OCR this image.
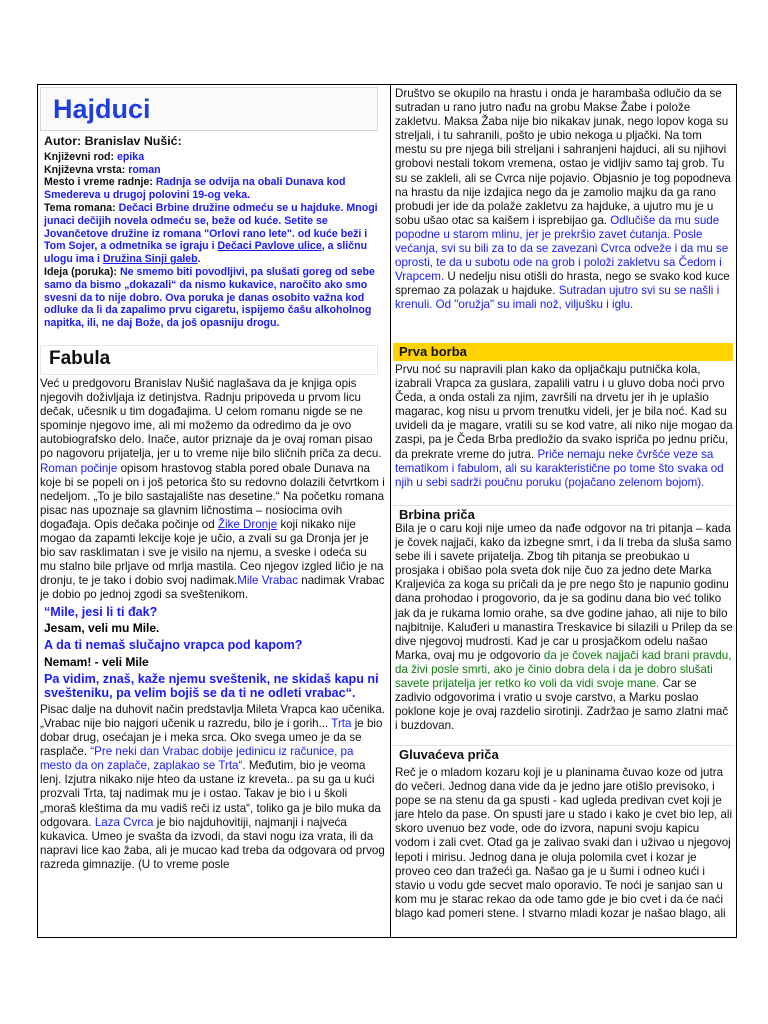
Hajduci

Autor: Branislav Nušić:

Književni rod: epika
Književna vrsta: roman
Mesto i vreme radnje: Radnja se odvija na obali Dunava kod Smedereva u drugoj polovini 19-og veka.
Tema romana: Dečaci Brbine družine odmeću se u hajduke. Mnogi junaci dečijih novela odmeću se, beže od kuće. Setite se Jovančetove družine iz romana "Orlovi rano lete". od kuće beži i Tom Sojer, a odmetnika se igraju i Dečaci Pavlove ulice, a sličnu ulogu ima i Družina Sinji galeb.
Ideja (poruka): Ne smemo biti povodljivi, pa slušati goreg od sebe samo da bismo „dokazali“ da nismo kukavice, naročito ako smo svesni da to nije dobro. Ova poruka je danas osobito važna kod odluke da li da zapalimo prvu cigaretu, ispijemo čašu alkoholnog napitka, ili, ne daj Bože, da još opasniju drogu.
Fabula

Već u predgovoru Branislav Nušić naglašava da je knjiga opis njegovih doživljaja iz detinjstva. Radnju pripoveda u prvom licu dečak, učesnik u tim događajima. U celom romanu nigde se ne spominje njegovo ime, ali mi možemo da odredimo da je ovo autobiografsko delo. Inače, autor priznaje da je ovaj roman pisao po nagovoru prijatelja, jer u to vreme nije bilo sličnih priča za decu. Roman počinje opisom hrastovog stabla pored obale Dunava na koje bi se popeli on i još petorica što su redovno dolazili četvrtkom i nedeljom. „To je bilo sastajalište nas desetine.“ Na početku romana pisac nas upoznaje sa glavnim ličnostima – nosiocima ovih događaja. Opis dečaka počinje od Žike Dronje koji nikako nije mogao da zapamti lekcije koje je učio, a zvali su ga Dronja jer je bio sav rasklimatan i sve je visilo na njemu, a sveske i odeća su mu stalno bile prljave od mrlja mastila. Ceo njegov izgled ličio je na dronju, te je tako i dobio svoj nadimak.Mile Vrabac nadimak Vrabac je dobio po jednoj zgodi sa sveštenikom.

“Mile, jesi li ti đak?

Jesam, veli mu Mile.

A da ti nemaš slučajno vrapca pod kapom?

Nemam! - veli Mile

Pa vidim, znaš, kaže njemu sveštenik, ne skidaš kapu ni svešteniku, pa velim bojiš se da ti ne odleti vrabac“.

Pisac dalje na duhovit način predstavlja Mileta Vrapca kao učenika. „Vrabac nije bio najgori učenik u razredu, bilo je i gorih... Trta je bio dobar drug, osećajan je i meka srca. Oko svega umeo je da se rasplače. “Pre neki dan Vrabac dobije jedinicu iz računice, pa mesto da on zaplače, zaplakao se Trta“. Međutim, bio je veoma lenj. Izjutra nikako nije hteo da ustane iz kreveta.. pa su ga u kući prozvali Trta, taj nadimak mu je i ostao. Takav je bio i u školi „moraš kleštima da mu vadiš reči iz usta“, toliko ga je bilo muka da odgovara. Laza Cvrca je bio najduhovitiji, najmanji i najveća kukavica. Umeo je svašta da izvodi, da stavi nogu iza vrata, ili da napravi lice kao žaba, ali je mucao kad treba da odgovara od prvog razreda gimnazije. (U to vreme posle

Društvo se okupilo na hrastu i onda je harambaša odlučio da se sutradan u rano jutro nađu na grobu Makse Žabe i polože zakletvu. Maksa Žaba nije bio nikakav junak, nego lopov koga su streljali, i tu sahranili, pošto je ubio nekoga u pljački. Na tom mestu su pre njega bili streljani i sahranjeni hajduci, ali su njihovi grobovi nestali tokom vremena, ostao je vidljiv samo taj grob. Tu su se zakleli, ali se Cvrca nije pojavio. Objasnio je tog popodneva na hrastu da nije izdajica nego da je zamolio majku da ga rano probudi jer ide da polaže zakletvu za hajduke, a ujutro mu je u sobu ušao otac sa kaišem i isprebijao ga. Odlučiše da mu sude popodne u starom mlinu, jer je prekršio zavet ćutanja. Posle većanja, svi su bili za to da se zavezani Cvrca odveže i da mu se oprosti, te da u subotu ode na grob i položi zakletvu sa Čedom i Vrapcem. U nedelju nisu otišli do hrasta, nego se svako kod kuce spremao za polazak u hajduke. Sutradan ujutro svi su se našli i krenuli. Od "oružja" su imali nož, viljušku i iglu.

Prva borba

Prvu noć su napravili plan kako da opljačkaju putnička kola, izabrali Vrapca za guslara, zapalili vatru i u gluvo doba noći prvo Čeda, a onda ostali za njim, završili na drvetu jer ih je uplašio magarac, kog nisu u prvom trenutku videli, jer je bila noć. Kad su uvideli da je magare, vratili su se kod vatre, ali niko nije mogao da zaspi, pa je Čeda Brba predložio da svako ispriča po jednu priču, da prekrate vreme do jutra. Priče nemaju neke čvršće veze sa tematikom i fabulom, ali su karakteristične po tome što svaka od njih u sebi sadrži poučnu poruku (pojačano zelenom bojom).

Brbina priča

Bila je o caru koji nije umeo da nađe odgovor na tri pitanja – kada je čovek najjači, kako da izbegne smrt, i da li treba da sluša samo sebe ili i savete prijatelja. Zbog tih pitanja se preobukao u prosjaka i obišao pola sveta dok nije čuo za jedno dete Marka Kraljevića za koga su pričali da je pre nego što je napunio godinu dana prohodao i progovorio, da je sa godinu dana bio već toliko jak da je rukama lomio orahe, sa dve godine jahao, ali nije to bilo najbitnije. Kaluđeri u manastira Treskavice bi silazili u Prilep da se dive njegovoj mudrosti. Kad je car u prosjačkom odelu našao Marka, ovaj mu je odgovorio da je čovek najjači kad brani pravdu, da živi posle smrti, ako je činio dobra dela i da je dobro slušati savete prijatelja jer retko ko voli da vidi svoje mane. Car se zadivio odgovorima i vratio u svoje carstvo, a Marku poslao poklone koje je ovaj razdelio sirotinji. Zadržao je samo zlatni mač i buzdovan.

Gluvaćeva priča

Reč je o mladom kozaru koji je u planinama čuvao koze od jutra do večeri. Jednog dana vide da je jedno jare otišlo previsoko, i pope se na stenu da ga spusti - kad ugleda predivan cvet koji je jare htelo da pase. On spusti jare u stado i kako je cvet bio lep, ali skoro uvenuo bez vode, ode do izvora, napuni svoju kapicu vodom i zali cvet. Otad ga je zalivao svaki dan i uživao u njegovoj lepoti i mirisu. Jednog dana je oluja polomila cvet i kozar je proveo ceo dan tražeći ga. Našao ga je u šumi i odneo kući i stavio u vodu gde secvet malo oporavio. Te noći je sanjao san u kom mu je starac rekao da ode tamo gde je bio cvet i da će naći blago kad pomeri stene. I stvarno mladi kozar je našao blago, ali
